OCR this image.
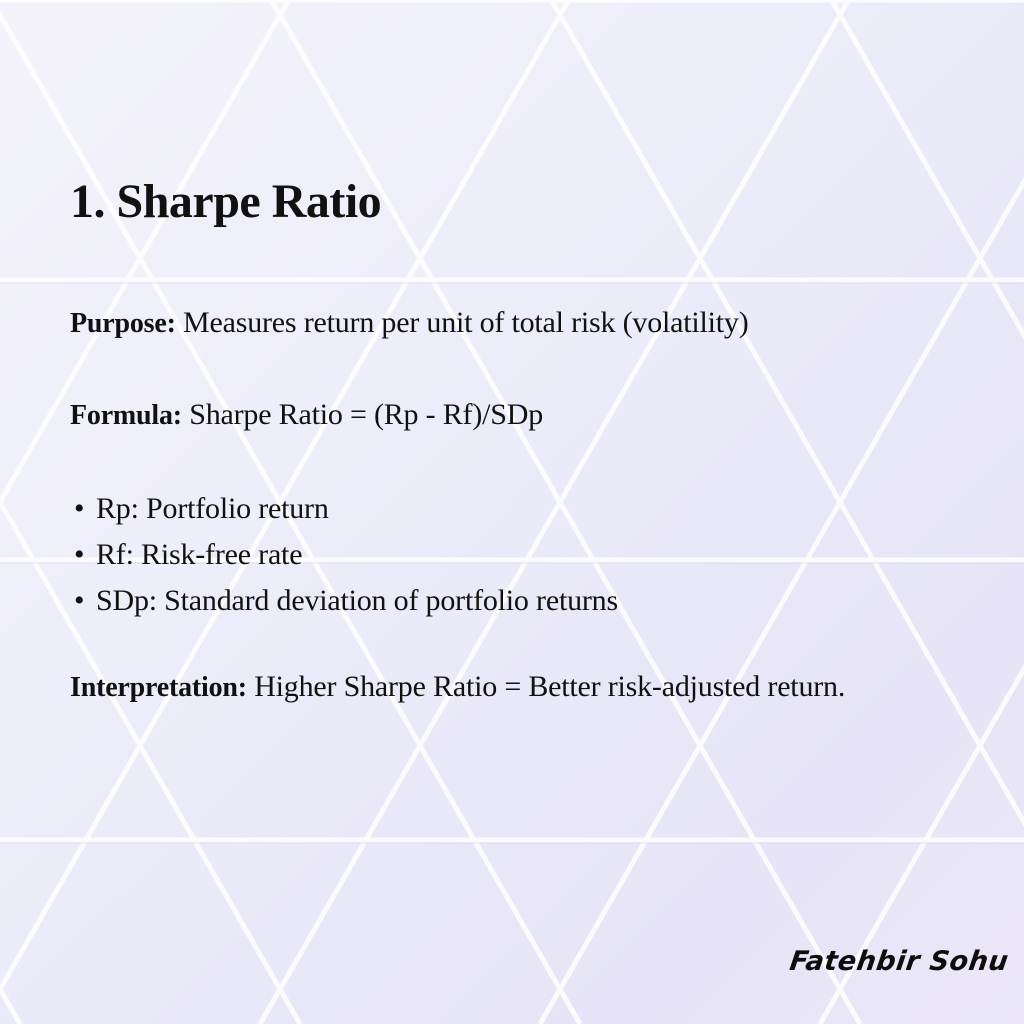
1. Sharpe Ratio

Purpose: Measures return per unit of total risk (volatility)

Formula: Sharpe Ratio = (Rp - Rf)/SDp

• Rp: Portfolio return
• Rf: Risk-free rate
• SDp: Standard deviation of portfolio returns

Interpretation: Higher Sharpe Ratio = Better risk-adjusted return.

Fatehbir Sohu
